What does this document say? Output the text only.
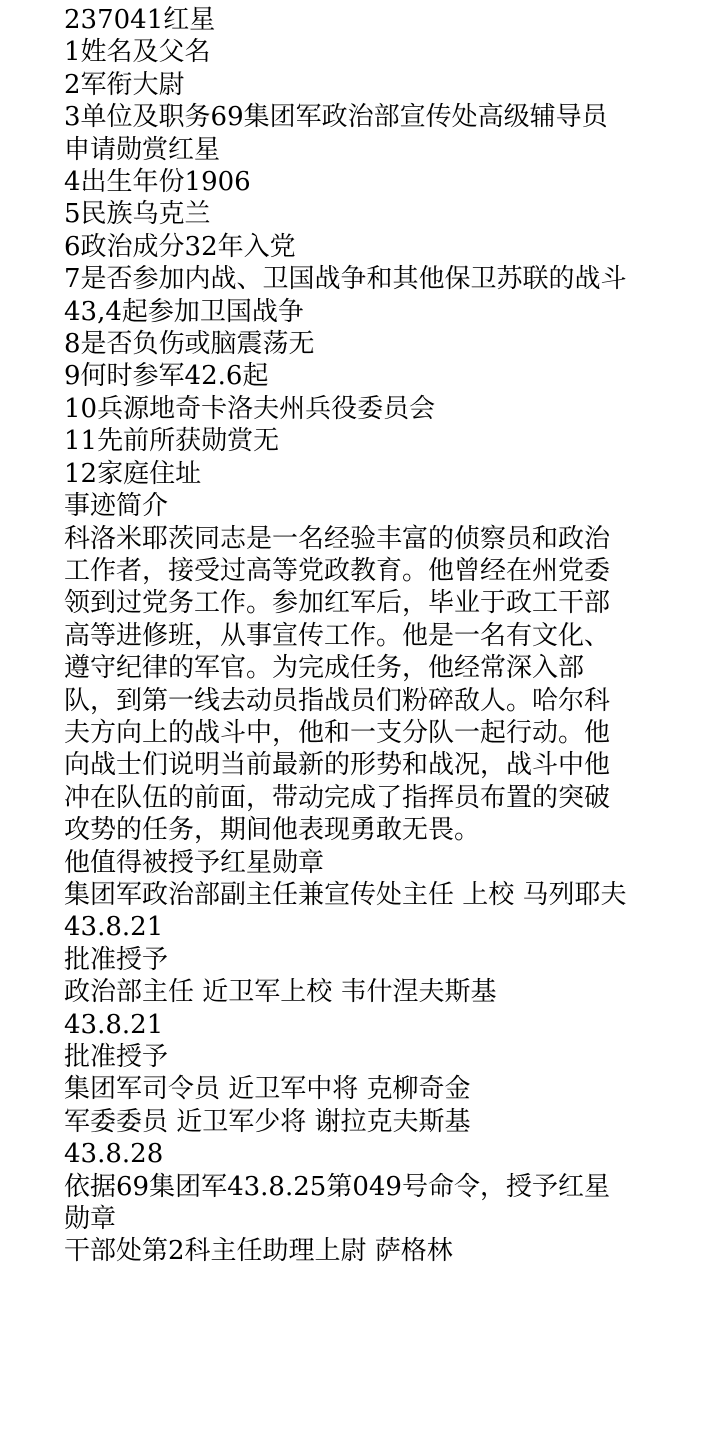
237041红星
1姓名及父名
2军衔大尉
3单位及职务69集团军政治部宣传处高级辅导员
申请勋赏红星
4出生年份1906
5民族乌克兰
6政治成分32年入党
7是否参加内战、卫国战争和其他保卫苏联的战斗43,4起参加卫国战争
8是否负伤或脑震荡无
9何时参军42.6起
10兵源地奇卡洛夫州兵役委员会
11先前所获勋赏无
12家庭住址
事迹简介
科洛米耶茨同志是一名经验丰富的侦察员和政治工作者，接受过高等党政教育。他曾经在州党委领到过党务工作。参加红军后，毕业于政工干部高等进修班，从事宣传工作。他是一名有文化、遵守纪律的军官。为完成任务，他经常深入部队，到第一线去动员指战员们粉碎敌人。哈尔科夫方向上的战斗中，他和一支分队一起行动。他向战士们说明当前最新的形势和战况，战斗中他冲在队伍的前面，带动完成了指挥员布置的突破攻势的任务，期间他表现勇敢无畏。
他值得被授予红星勋章
集团军政治部副主任兼宣传处主任 上校 马列耶夫
43.8.21
批准授予
政治部主任 近卫军上校 韦什涅夫斯基
43.8.21
批准授予
集团军司令员 近卫军中将 克柳奇金
军委委员 近卫军少将 谢拉克夫斯基
43.8.28
依据69集团军43.8.25第049号命令，授予红星勋章
干部处第2科主任助理上尉 萨格林
